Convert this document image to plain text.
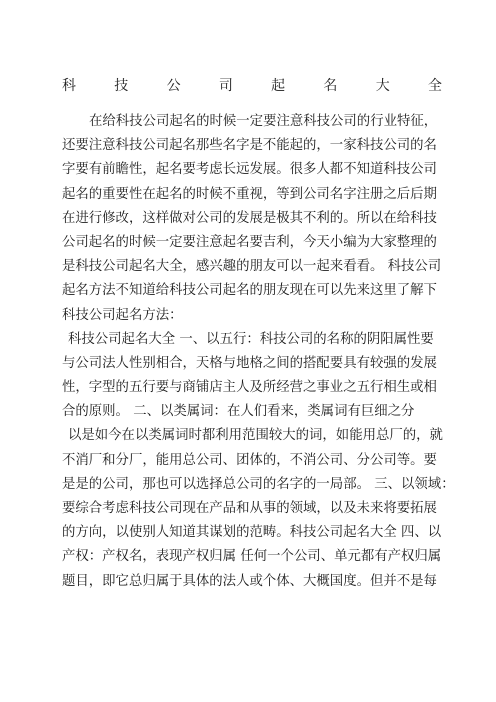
科	技	公	司	起	名	大	全
在给科技公司起名的时候一定要注意科技公司的行业特征，
还要注意科技公司起名那些名字是不能起的，一家科技公司的名
字要有前瞻性，起名要考虑长远发展。很多人都不知道科技公司
起名的重要性在起名的时候不重视，等到公司名字注册之后后期
在进行修改，这样做对公司的发展是极其不利的。所以在给科技
公司起名的时候一定要注意起名要吉利，今天小编为大家整理的
是科技公司起名大全，感兴趣的朋友可以一起来看看。 科技公司
起名方法不知道给科技公司起名的朋友现在可以先来这里了解下
科技公司起名方法：
科技公司起名大全 一、以五行：科技公司的名称的阴阳属性要
与公司法人性别相合，天格与地格之间的搭配要具有较强的发展
性，字型的五行要与商铺店主人及所经营之事业之五行相生或相
合的原则。 二、以类属词：在人们看来，类属词有巨细之分
以是如今在以类属词时都利用范围较大的词，如能用总厂的，就
不消厂和分厂，能用总公司、团体的，不消公司、分公司等。要
是是的公司，那也可以选择总公司的名字的一局部。 三、以领域：
要综合考虑科技公司现在产品和从事的领域，以及未来将要拓展
的方向，以使别人知道其谋划的范畴。科技公司起名大全 四、以
产权：产权名，表现产权归属 任何一个公司、单元都有产权归属
题目，即它总归属于具体的法人或个体、大概国度。但并不是每
